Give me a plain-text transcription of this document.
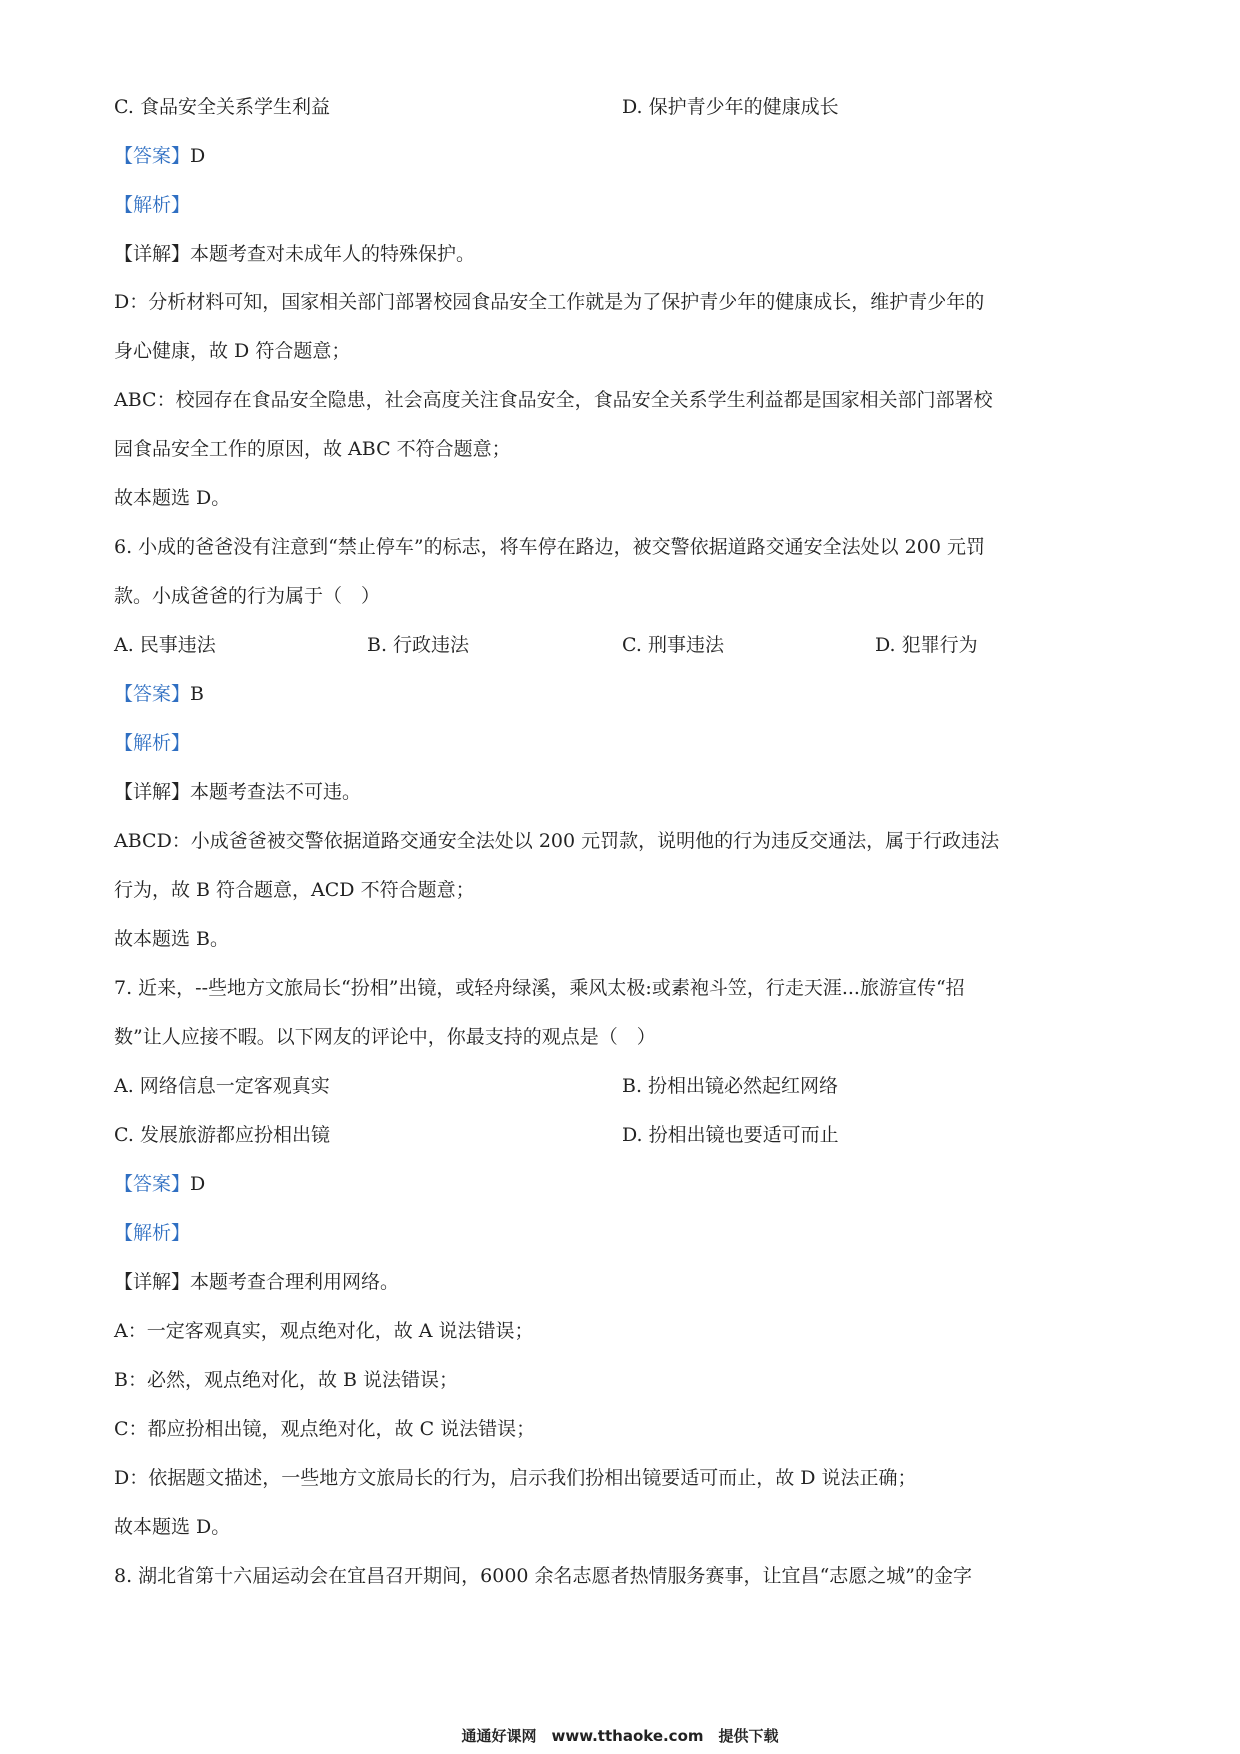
C. 食品安全关系学生利益	D. 保护青少年的健康成长
【答案】D
【解析】
【详解】本题考查对未成年人的特殊保护。
D：分析材料可知，国家相关部门部署校园食品安全工作就是为了保护青少年的健康成长，维护青少年的
身心健康，故 D 符合题意；
ABC：校园存在食品安全隐患，社会高度关注食品安全，食品安全关系学生利益都是国家相关部门部署校
园食品安全工作的原因，故 ABC 不符合题意；
故本题选 D。
6. 小成的爸爸没有注意到“禁止停车”的标志，将车停在路边，被交警依据道路交通安全法处以 200 元罚
款。小成爸爸的行为属于（　）
A. 民事违法	B. 行政违法	C. 刑事违法	D. 犯罪行为
【答案】B
【解析】
【详解】本题考查法不可违。
ABCD：小成爸爸被交警依据道路交通安全法处以 200 元罚款，说明他的行为违反交通法，属于行政违法
行为，故 B 符合题意，ACD 不符合题意；
故本题选 B。
7. 近来，--些地方文旅局长“扮相”出镜，或轻舟绿溪，乘风太极:或素袍斗笠，行走天涯...旅游宣传“招
数”让人应接不暇。以下网友的评论中，你最支持的观点是（　）
A. 网络信息一定客观真实	B. 扮相出镜必然起红网络
C. 发展旅游都应扮相出镜	D. 扮相出镜也要适可而止
【答案】D
【解析】
【详解】本题考查合理利用网络。
A：一定客观真实，观点绝对化，故 A 说法错误；
B：必然，观点绝对化，故 B 说法错误；
C：都应扮相出镜，观点绝对化，故 C 说法错误；
D：依据题文描述，一些地方文旅局长的行为，启示我们扮相出镜要适可而止，故 D 说法正确；
故本题选 D。
8. 湖北省第十六届运动会在宜昌召开期间，6000 余名志愿者热情服务赛事，让宜昌“志愿之城”的金字
通通好课网　www.tthaoke.com　提供下载
